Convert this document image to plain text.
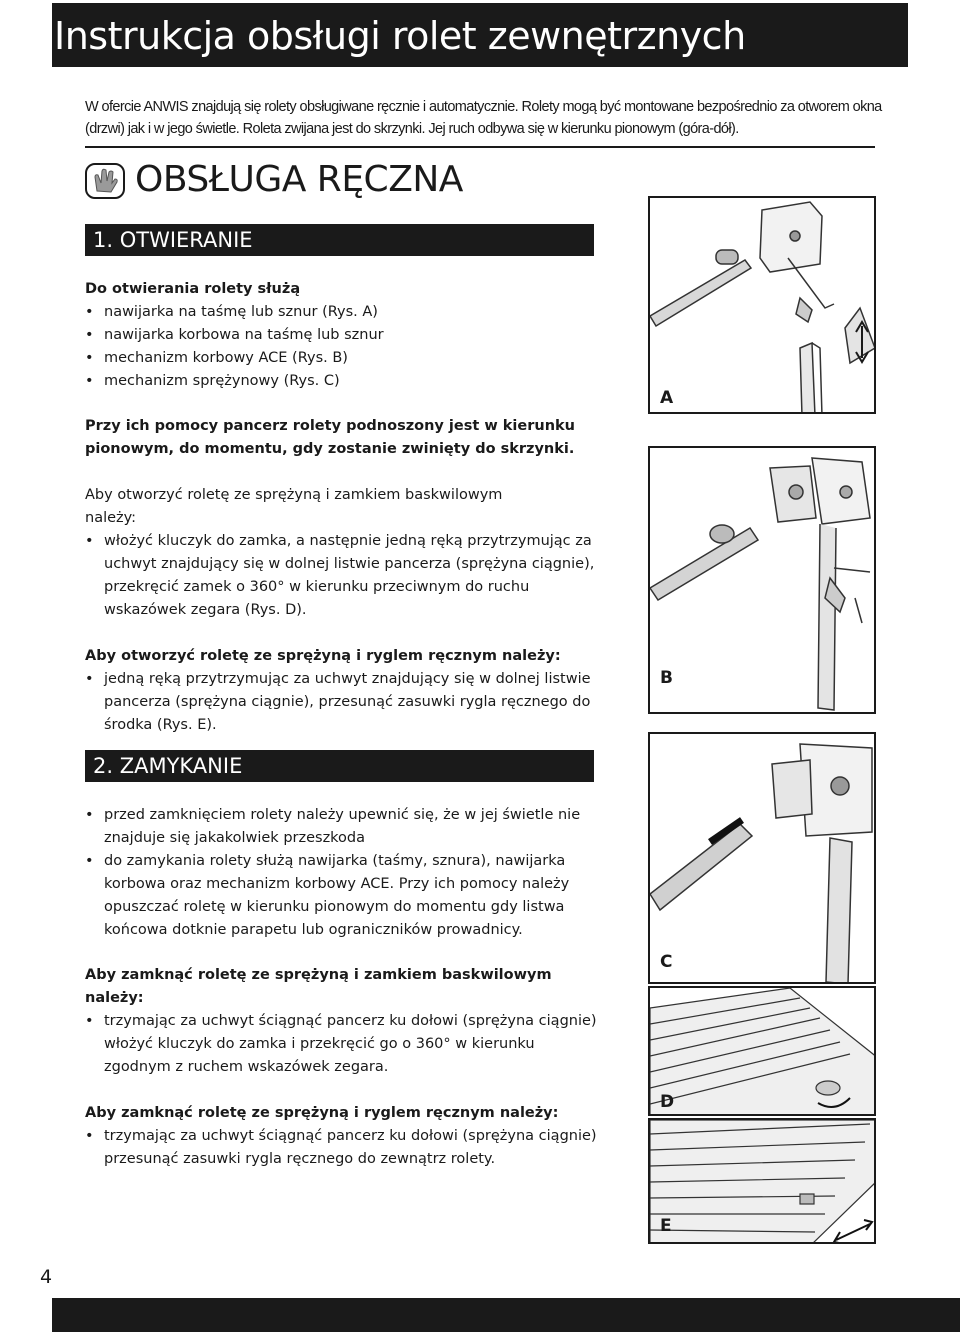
Instrukcja obsługi rolet zewnętrznych
W ofercie ANWIS znajdują się rolety obsługiwane ręcznie i automatycznie. Rolety mogą być montowane bezpośrednio za otworem okna (drzwi) jak i w jego świetle. Roleta zwijana jest do skrzynki. Jej ruch odbywa się w kierunku pionowym (góra-dół).
OBSŁUGA RĘCZNA
1. OTWIERANIE
Do otwierania rolety służą
• nawijarka na taśmę lub sznur (Rys. A)
• nawijarka korbowa na taśmę lub sznur
• mechanizm korbowy ACE (Rys. B)
• mechanizm sprężynowy (Rys. C)
Przy ich pomocy pancerz rolety podnoszony jest w kierunku pionowym, do momentu, gdy zostanie zwinięty do skrzynki.
Aby otworzyć roletę ze sprężyną i zamkiem baskwilowym należy:
• włożyć kluczyk do zamka, a następnie jedną ręką przytrzymując za uchwyt znajdujący się w dolnej listwie pancerza (sprężyna ciągnie), przekręcić zamek o 360° w kierunku przeciwnym do ruchu wskazówek zegara (Rys. D).
Aby otworzyć roletę ze sprężyną i ryglem ręcznym należy:
• jedną ręką przytrzymując za uchwyt znajdujący się w dolnej listwie pancerza (sprężyna ciągnie), przesunąć zasuwki rygla ręcznego do środka (Rys. E).
2. ZAMYKANIE
• przed zamknięciem rolety należy upewnić się, że w jej świetle nie znajduje się jakakolwiek przeszkoda
• do zamykania rolety służą nawijarka (taśmy, sznura), nawijarka korbowa oraz mechanizm korbowy ACE. Przy ich pomocy należy opuszczać roletę w kierunku pionowym do momentu gdy listwa końcowa dotknie parapetu lub ograniczników prowadnicy.
Aby zamknąć roletę ze sprężyną i zamkiem baskwilowym należy:
• trzymając za uchwyt ściągnąć pancerz ku dołowi (sprężyna ciągnie) włożyć kluczyk do zamka i przekręcić go o 360° w kierunku zgodnym z ruchem wskazówek zegara.
Aby zamknąć roletę ze sprężyną i ryglem ręcznym należy:
• trzymając za uchwyt ściągnąć pancerz ku dołowi (sprężyna ciągnie) przesunąć zasuwki rygla ręcznego do zewnątrz rolety.
A
B
C
D
E
4
